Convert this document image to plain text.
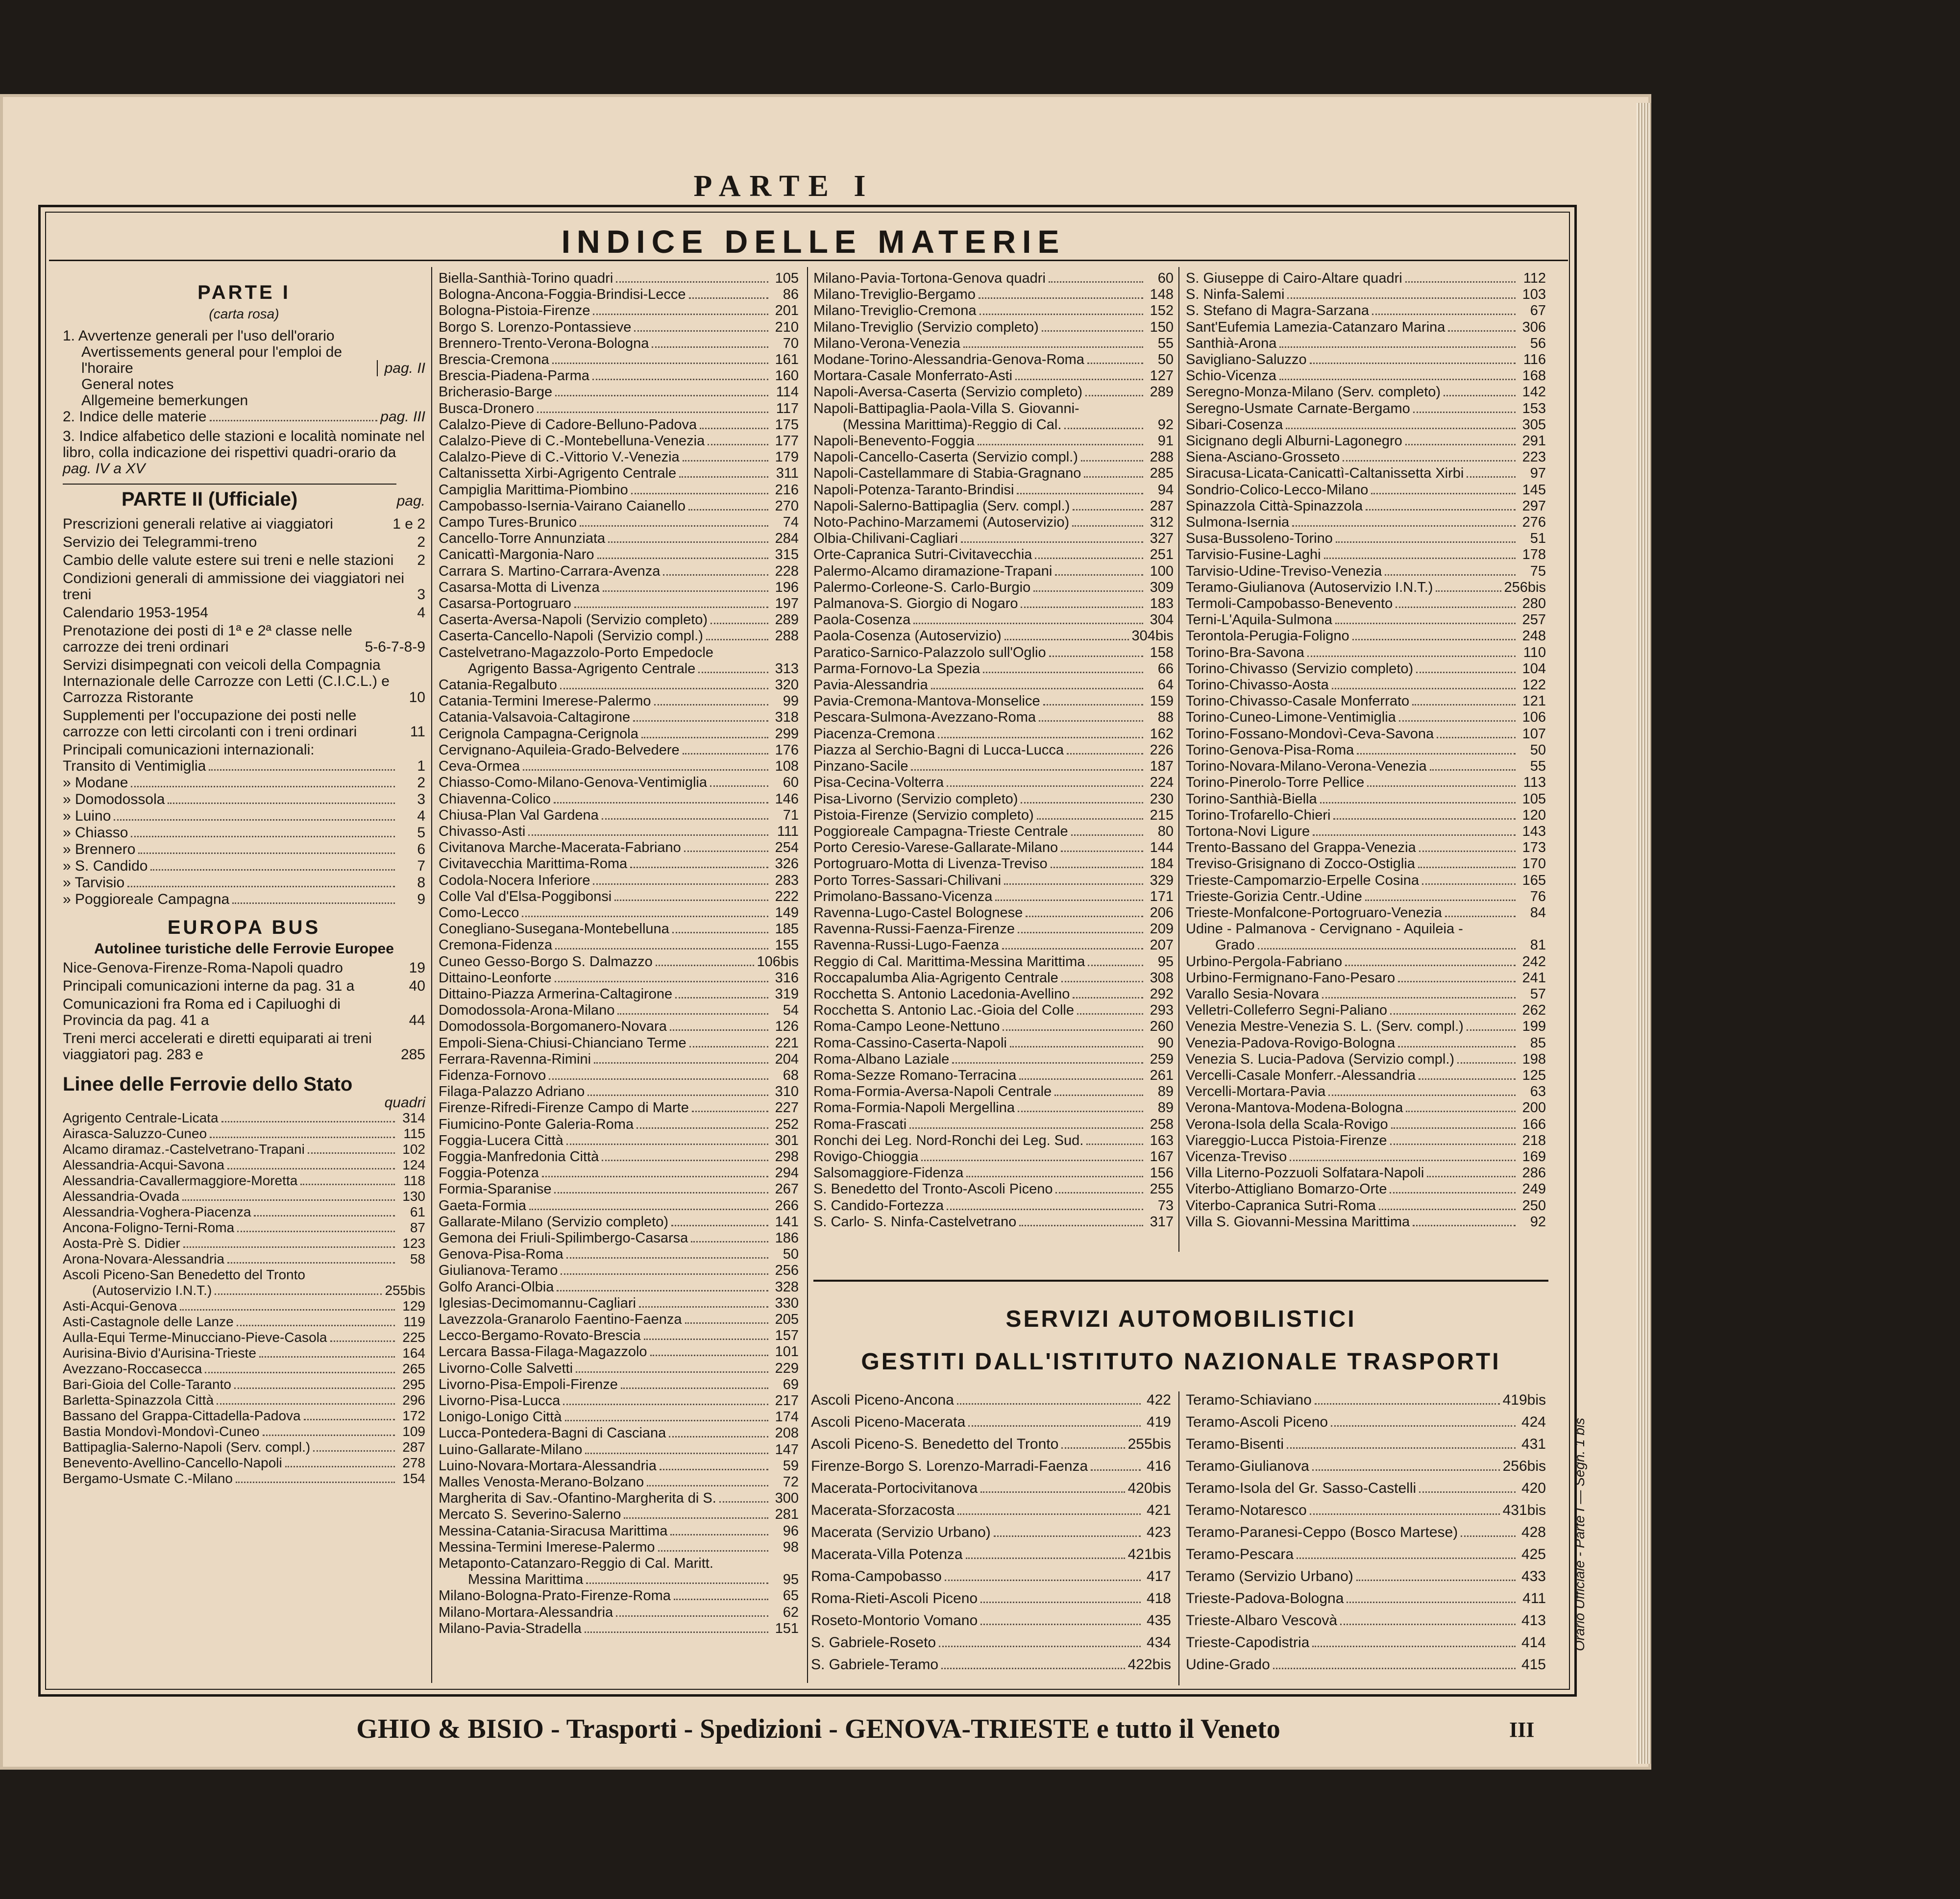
PARTE I
INDICE DELLE MATERIE
PARTE I
(carta rosa)
1. Avvertenze generali per l'uso dell'orario
Avertissements general pour l'emploi de l'horaire
General notes
Allgemeine bemerkungen
pag. II
2. Indice delle materie	pag. III
3. Indice alfabetico delle stazioni e località nominate nel libro, colla indicazione dei rispettivi quadri-orario da pag. IV a XV
PARTE II (Ufficiale)	pag.
Prescrizioni generali relative ai viaggiatori	1 e 2
Servizio dei Telegrammi-treno	2
Cambio delle valute estere sui treni e nelle stazioni	2
Condizioni generali di ammissione dei viaggiatori nei treni	3
Calendario 1953-1954	4
Prenotazione dei posti di 1ª e 2ª classe nelle carrozze dei treni ordinari	5-6-7-8-9
Servizi disimpegnati con veicoli della Compagnia Internazionale delle Carrozze con Letti (C.I.C.L.) e Carrozza Ristorante	10
Supplementi per l'occupazione dei posti nelle carrozze con letti circolanti con i treni ordinari	11
Principali comunicazioni internazionali:
Transito di Ventimiglia	1
» Modane	2
» Domodossola	3
» Luino	4
» Chiasso	5
» Brennero	6
» S. Candido	7
» Tarvisio	8
» Poggioreale Campagna	9
EUROPA BUS
Autolinee turistiche delle Ferrovie Europee
Nice-Genova-Firenze-Roma-Napoli quadro	19
Principali comunicazioni interne da pag. 31 a	40
Comunicazioni fra Roma ed i Capiluoghi di Provincia da pag. 41 a	44
Treni merci accelerati e diretti equiparati ai treni viaggiatori pag. 283 e	285
Linee delle Ferrovie dello Stato
quadri
Agrigento Centrale-Licata	314
Airasca-Saluzzo-Cuneo	115
Alcamo diramaz.-Castelvetrano-Trapani	102
Alessandria-Acqui-Savona	124
Alessandria-Cavallermaggiore-Moretta	118
Alessandria-Ovada	130
Alessandria-Voghera-Piacenza	61
Ancona-Foligno-Terni-Roma	87
Aosta-Prè S. Didier	123
Arona-Novara-Alessandria	58
Ascoli Piceno-San Benedetto del Tronto
(Autoservizio I.N.T.)	255bis
Asti-Acqui-Genova	129
Asti-Castagnole delle Lanze	119
Aulla-Equi Terme-Minucciano-Pieve-Casola	225
Aurisina-Bivio d'Aurisina-Trieste	164
Avezzano-Roccasecca	265
Bari-Gioia del Colle-Taranto	295
Barletta-Spinazzola Città	296
Bassano del Grappa-Cittadella-Padova	172
Bastia Mondovì-Mondovì-Cuneo	109
Battipaglia-Salerno-Napoli (Serv. compl.)	287
Benevento-Avellino-Cancello-Napoli	278
Bergamo-Usmate C.-Milano	154
Biella-Santhià-Torino quadri	105
Bologna-Ancona-Foggia-Brindisi-Lecce	86
Bologna-Pistoia-Firenze	201
Borgo S. Lorenzo-Pontassieve	210
Brennero-Trento-Verona-Bologna	70
Brescia-Cremona	161
Brescia-Piadena-Parma	160
Bricherasio-Barge	114
Busca-Dronero	117
Calalzo-Pieve di Cadore-Belluno-Padova	175
Calalzo-Pieve di C.-Montebelluna-Venezia	177
Calalzo-Pieve di C.-Vittorio V.-Venezia	179
Caltanissetta Xirbi-Agrigento Centrale	311
Campiglia Marittima-Piombino	216
Campobasso-Isernia-Vairano Caianello	270
Campo Tures-Brunico	74
Cancello-Torre Annunziata	284
Canicattì-Margonia-Naro	315
Carrara S. Martino-Carrara-Avenza	228
Casarsa-Motta di Livenza	196
Casarsa-Portogruaro	197
Caserta-Aversa-Napoli (Servizio completo)	289
Caserta-Cancello-Napoli (Servizio compl.)	288
Castelvetrano-Magazzolo-Porto Empedocle
Agrigento Bassa-Agrigento Centrale	313
Catania-Regalbuto	320
Catania-Termini Imerese-Palermo	99
Catania-Valsavoia-Caltagirone	318
Cerignola Campagna-Cerignola	299
Cervignano-Aquileia-Grado-Belvedere	176
Ceva-Ormea	108
Chiasso-Como-Milano-Genova-Ventimiglia	60
Chiavenna-Colico	146
Chiusa-Plan Val Gardena	71
Chivasso-Asti	111
Civitanova Marche-Macerata-Fabriano	254
Civitavecchia Marittima-Roma	326
Codola-Nocera Inferiore	283
Colle Val d'Elsa-Poggibonsi	222
Como-Lecco	149
Conegliano-Susegana-Montebelluna	185
Cremona-Fidenza	155
Cuneo Gesso-Borgo S. Dalmazzo	106bis
Dittaino-Leonforte	316
Dittaino-Piazza Armerina-Caltagirone	319
Domodossola-Arona-Milano	54
Domodossola-Borgomanero-Novara	126
Empoli-Siena-Chiusi-Chianciano Terme	221
Ferrara-Ravenna-Rimini	204
Fidenza-Fornovo	68
Filaga-Palazzo Adriano	310
Firenze-Rifredi-Firenze Campo di Marte	227
Fiumicino-Ponte Galeria-Roma	252
Foggia-Lucera Città	301
Foggia-Manfredonia Città	298
Foggia-Potenza	294
Formia-Sparanise	267
Gaeta-Formia	266
Gallarate-Milano (Servizio completo)	141
Gemona dei Friuli-Spilimbergo-Casarsa	186
Genova-Pisa-Roma	50
Giulianova-Teramo	256
Golfo Aranci-Olbia	328
Iglesias-Decimomannu-Cagliari	330
Lavezzola-Granarolo Faentino-Faenza	205
Lecco-Bergamo-Rovato-Brescia	157
Lercara Bassa-Filaga-Magazzolo	101
Livorno-Colle Salvetti	229
Livorno-Pisa-Empoli-Firenze	69
Livorno-Pisa-Lucca	217
Lonigo-Lonigo Città	174
Lucca-Pontedera-Bagni di Casciana	208
Luino-Gallarate-Milano	147
Luino-Novara-Mortara-Alessandria	59
Malles Venosta-Merano-Bolzano	72
Margherita di Sav.-Ofantino-Margherita di S.	300
Mercato S. Severino-Salerno	281
Messina-Catania-Siracusa Marittima	96
Messina-Termini Imerese-Palermo	98
Metaponto-Catanzaro-Reggio di Cal. Maritt.
Messina Marittima	95
Milano-Bologna-Prato-Firenze-Roma	65
Milano-Mortara-Alessandria	62
Milano-Pavia-Stradella	151
Milano-Pavia-Tortona-Genova quadri	60
Milano-Treviglio-Bergamo	148
Milano-Treviglio-Cremona	152
Milano-Treviglio (Servizio completo)	150
Milano-Verona-Venezia	55
Modane-Torino-Alessandria-Genova-Roma	50
Mortara-Casale Monferrato-Asti	127
Napoli-Aversa-Caserta (Servizio completo)	289
Napoli-Battipaglia-Paola-Villa S. Giovanni-
(Messina Marittima)-Reggio di Cal.	92
Napoli-Benevento-Foggia	91
Napoli-Cancello-Caserta (Servizio compl.)	288
Napoli-Castellammare di Stabia-Gragnano	285
Napoli-Potenza-Taranto-Brindisi	94
Napoli-Salerno-Battipaglia (Serv. compl.)	287
Noto-Pachino-Marzamemi (Autoservizio)	312
Olbia-Chilivani-Cagliari	327
Orte-Capranica Sutri-Civitavecchia	251
Palermo-Alcamo diramazione-Trapani	100
Palermo-Corleone-S. Carlo-Burgio	309
Palmanova-S. Giorgio di Nogaro	183
Paola-Cosenza	304
Paola-Cosenza (Autoservizio)	304bis
Paratico-Sarnico-Palazzolo sull'Oglio	158
Parma-Fornovo-La Spezia	66
Pavia-Alessandria	64
Pavia-Cremona-Mantova-Monselice	159
Pescara-Sulmona-Avezzano-Roma	88
Piacenza-Cremona	162
Piazza al Serchio-Bagni di Lucca-Lucca	226
Pinzano-Sacile	187
Pisa-Cecina-Volterra	224
Pisa-Livorno (Servizio completo)	230
Pistoia-Firenze (Servizio completo)	215
Poggioreale Campagna-Trieste Centrale	80
Porto Ceresio-Varese-Gallarate-Milano	144
Portogruaro-Motta di Livenza-Treviso	184
Porto Torres-Sassari-Chilivani	329
Primolano-Bassano-Vicenza	171
Ravenna-Lugo-Castel Bolognese	206
Ravenna-Russi-Faenza-Firenze	209
Ravenna-Russi-Lugo-Faenza	207
Reggio di Cal. Marittima-Messina Marittima	95
Roccapalumba Alia-Agrigento Centrale	308
Rocchetta S. Antonio Lacedonia-Avellino	292
Rocchetta S. Antonio Lac.-Gioia del Colle	293
Roma-Campo Leone-Nettuno	260
Roma-Cassino-Caserta-Napoli	90
Roma-Albano Laziale	259
Roma-Sezze Romano-Terracina	261
Roma-Formia-Aversa-Napoli Centrale	89
Roma-Formia-Napoli Mergellina	89
Roma-Frascati	258
Ronchi dei Leg. Nord-Ronchi dei Leg. Sud.	163
Rovigo-Chioggia	167
Salsomaggiore-Fidenza	156
S. Benedetto del Tronto-Ascoli Piceno	255
S. Candido-Fortezza	73
S. Carlo- S. Ninfa-Castelvetrano	317
S. Giuseppe di Cairo-Altare quadri	112
S. Ninfa-Salemi	103
S. Stefano di Magra-Sarzana	67
Sant'Eufemia Lamezia-Catanzaro Marina	306
Santhià-Arona	56
Savigliano-Saluzzo	116
Schio-Vicenza	168
Seregno-Monza-Milano (Serv. completo)	142
Seregno-Usmate Carnate-Bergamo	153
Sibari-Cosenza	305
Sicignano degli Alburni-Lagonegro	291
Siena-Asciano-Grosseto	223
Siracusa-Licata-Canicattì-Caltanissetta Xirbi	97
Sondrio-Colico-Lecco-Milano	145
Spinazzola Città-Spinazzola	297
Sulmona-Isernia	276
Susa-Bussoleno-Torino	51
Tarvisio-Fusine-Laghi	178
Tarvisio-Udine-Treviso-Venezia	75
Teramo-Giulianova (Autoservizio I.N.T.)	256bis
Termoli-Campobasso-Benevento	280
Terni-L'Aquila-Sulmona	257
Terontola-Perugia-Foligno	248
Torino-Bra-Savona	110
Torino-Chivasso (Servizio completo)	104
Torino-Chivasso-Aosta	122
Torino-Chivasso-Casale Monferrato	121
Torino-Cuneo-Limone-Ventimiglia	106
Torino-Fossano-Mondovì-Ceva-Savona	107
Torino-Genova-Pisa-Roma	50
Torino-Novara-Milano-Verona-Venezia	55
Torino-Pinerolo-Torre Pellice	113
Torino-Santhià-Biella	105
Torino-Trofarello-Chieri	120
Tortona-Novi Ligure	143
Trento-Bassano del Grappa-Venezia	173
Treviso-Grisignano di Zocco-Ostiglia	170
Trieste-Campomarzio-Erpelle Cosina	165
Trieste-Gorizia Centr.-Udine	76
Trieste-Monfalcone-Portogruaro-Venezia	84
Udine - Palmanova - Cervignano - Aquileia -
Grado	81
Urbino-Pergola-Fabriano	242
Urbino-Fermignano-Fano-Pesaro	241
Varallo Sesia-Novara	57
Velletri-Colleferro Segni-Paliano	262
Venezia Mestre-Venezia S. L. (Serv. compl.)	199
Venezia-Padova-Rovigo-Bologna	85
Venezia S. Lucia-Padova (Servizio compl.)	198
Vercelli-Casale Monferr.-Alessandria	125
Vercelli-Mortara-Pavia	63
Verona-Mantova-Modena-Bologna	200
Verona-Isola della Scala-Rovigo	166
Viareggio-Lucca Pistoia-Firenze	218
Vicenza-Treviso	169
Villa Literno-Pozzuoli Solfatara-Napoli	286
Viterbo-Attigliano Bomarzo-Orte	249
Viterbo-Capranica Sutri-Roma	250
Villa S. Giovanni-Messina Marittima	92
SERVIZI AUTOMOBILISTICI
GESTITI DALL'ISTITUTO NAZIONALE TRASPORTI
Ascoli Piceno-Ancona	422
Ascoli Piceno-Macerata	419
Ascoli Piceno-S. Benedetto del Tronto	255bis
Firenze-Borgo S. Lorenzo-Marradi-Faenza	416
Macerata-Portocivitanova	420bis
Macerata-Sforzacosta	421
Macerata (Servizio Urbano)	423
Macerata-Villa Potenza	421bis
Roma-Campobasso	417
Roma-Rieti-Ascoli Piceno	418
Roseto-Montorio Vomano	435
S. Gabriele-Roseto	434
S. Gabriele-Teramo	422bis
Teramo-Schiaviano	419bis
Teramo-Ascoli Piceno	424
Teramo-Bisenti	431
Teramo-Giulianova	256bis
Teramo-Isola del Gr. Sasso-Castelli	420
Teramo-Notaresco	431bis
Teramo-Paranesi-Ceppo (Bosco Martese)	428
Teramo-Pescara	425
Teramo (Servizio Urbano)	433
Trieste-Padova-Bologna	411
Trieste-Albaro Vescovà	413
Trieste-Capodistria	414
Udine-Grado	415
GHIO & BISIO - Trasporti - Spedizioni - GENOVA-TRIESTE e tutto il Veneto	III
Orario Ufficiale - Parte I — Segn. 1 bis
